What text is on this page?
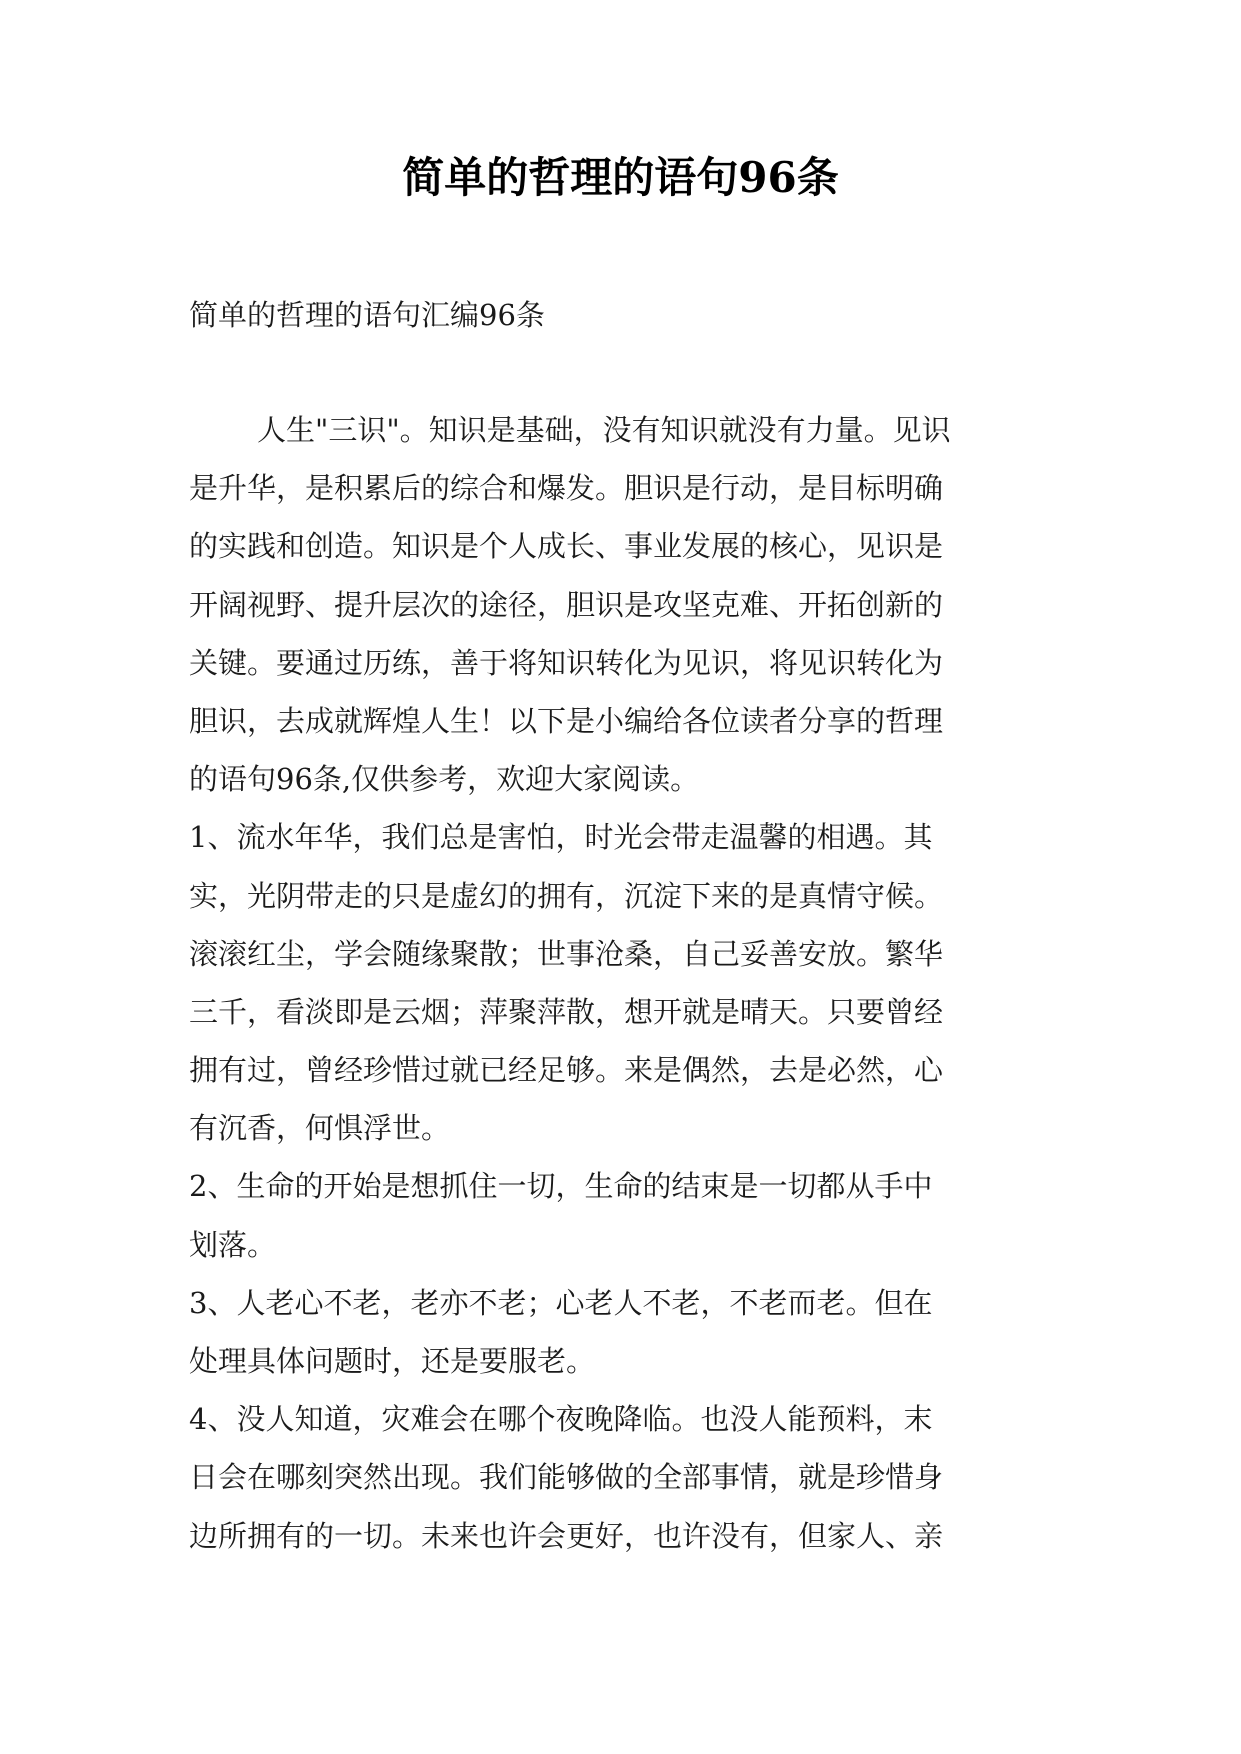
简单的哲理的语句96条

简单的哲理的语句汇编96条

人生"三识"。知识是基础，没有知识就没有力量。见识
是升华，是积累后的综合和爆发。胆识是行动，是目标明确
的实践和创造。知识是个人成长、事业发展的核心，见识是
开阔视野、提升层次的途径，胆识是攻坚克难、开拓创新的
关键。要通过历练，善于将知识转化为见识，将见识转化为
胆识，去成就辉煌人生！以下是小编给各位读者分享的哲理
的语句96条,仅供参考，欢迎大家阅读。
1、流水年华，我们总是害怕，时光会带走温馨的相遇。其
实，光阴带走的只是虚幻的拥有，沉淀下来的是真情守候。
滚滚红尘，学会随缘聚散；世事沧桑，自己妥善安放。繁华
三千，看淡即是云烟；萍聚萍散，想开就是晴天。只要曾经
拥有过，曾经珍惜过就已经足够。来是偶然，去是必然，心
有沉香，何惧浮世。
2、生命的开始是想抓住一切，生命的结束是一切都从手中
划落。
3、人老心不老，老亦不老；心老人不老，不老而老。但在
处理具体问题时，还是要服老。
4、没人知道，灾难会在哪个夜晚降临。也没人能预料，末
日会在哪刻突然出现。我们能够做的全部事情，就是珍惜身
边所拥有的一切。未来也许会更好，也许没有，但家人、亲
